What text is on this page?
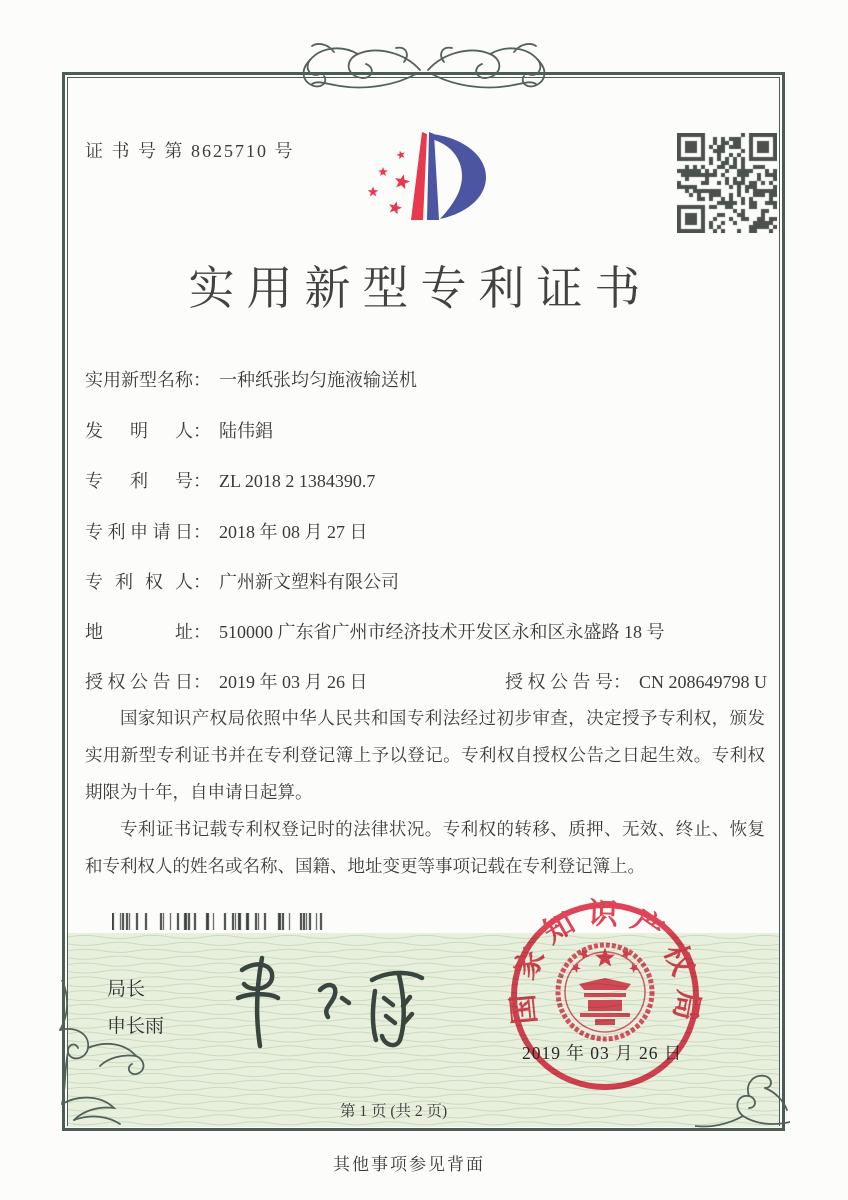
证 书 号 第 8625710 号
实用新型专利证书
实用新型名称： 一种纸张均匀施液输送机
发明人： 陆伟錩
专利号： ZL 2018 2 1384390.7
专利申请日： 2018 年 08 月 27 日
专利权人： 广州新文塑料有限公司
地址： 510000 广东省广州市经济技术开发区永和区永盛路 18 号
授权公告日： 2019 年 03 月 26 日	授权公告号： CN 208649798 U

国家知识产权局依照中华人民共和国专利法经过初步审查，决定授予专利权，颁发实用新型专利证书并在专利登记簿上予以登记。专利权自授权公告之日起生效。专利权期限为十年，自申请日起算。

专利证书记载专利权登记时的法律状况。专利权的转移、质押、无效、终止、恢复和专利权人的姓名或名称、国籍、地址变更等事项记载在专利登记簿上。

局长
申长雨
国家知识产权局
2019 年 03 月 26 日
第 1 页 (共 2 页)
其他事项参见背面
